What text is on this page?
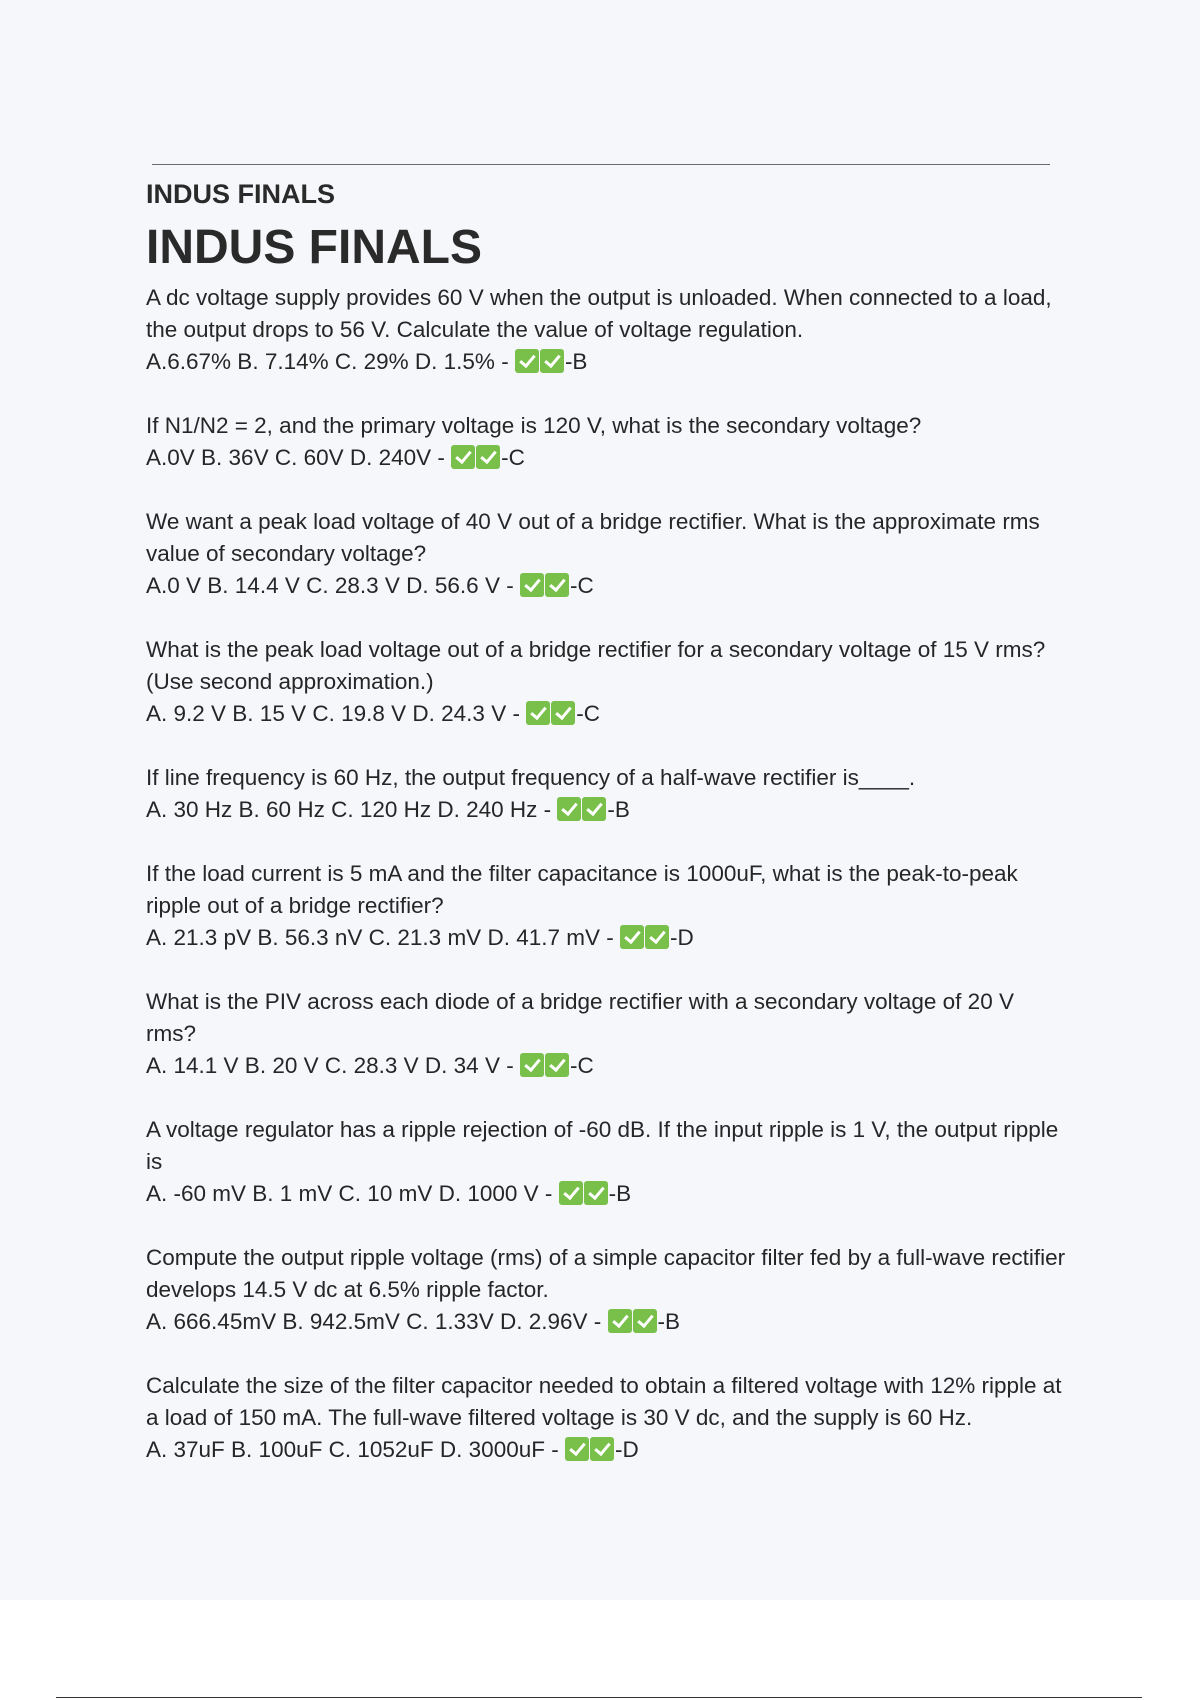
INDUS FINALS
INDUS FINALS
A dc voltage supply provides 60 V when the output is unloaded. When connected to a load, the output drops to 56 V. Calculate the value of voltage regulation.
A.6.67% B. 7.14% C. 29% D. 1.5% - -B
If N1/N2 = 2, and the primary voltage is 120 V, what is the secondary voltage?
A.0V B. 36V C. 60V D. 240V - -C
We want a peak load voltage of 40 V out of a bridge rectifier. What is the approximate rms value of secondary voltage?
A.0 V B. 14.4 V C. 28.3 V D. 56.6 V - -C
What is the peak load voltage out of a bridge rectifier for a secondary voltage of 15 V rms? (Use second approximation.)
A. 9.2 V B. 15 V C. 19.8 V D. 24.3 V - -C
If line frequency is 60 Hz, the output frequency of a half-wave rectifier is____.
A. 30 Hz B. 60 Hz C. 120 Hz D. 240 Hz - -B
If the load current is 5 mA and the filter capacitance is 1000uF, what is the peak-to-peak ripple out of a bridge rectifier?
A. 21.3 pV B. 56.3 nV C. 21.3 mV D. 41.7 mV - -D
What is the PIV across each diode of a bridge rectifier with a secondary voltage of 20 V rms?
A. 14.1 V B. 20 V C. 28.3 V D. 34 V - -C
A voltage regulator has a ripple rejection of -60 dB. If the input ripple is 1 V, the output ripple is
A. -60 mV B. 1 mV C. 10 mV D. 1000 V - -B
Compute the output ripple voltage (rms) of a simple capacitor filter fed by a full-wave rectifier develops 14.5 V dc at 6.5% ripple factor.
A. 666.45mV B. 942.5mV C. 1.33V D. 2.96V - -B
Calculate the size of the filter capacitor needed to obtain a filtered voltage with 12% ripple at a load of 150 mA. The full-wave filtered voltage is 30 V dc, and the supply is 60 Hz.
A. 37uF B. 100uF C. 1052uF D. 3000uF - -D
